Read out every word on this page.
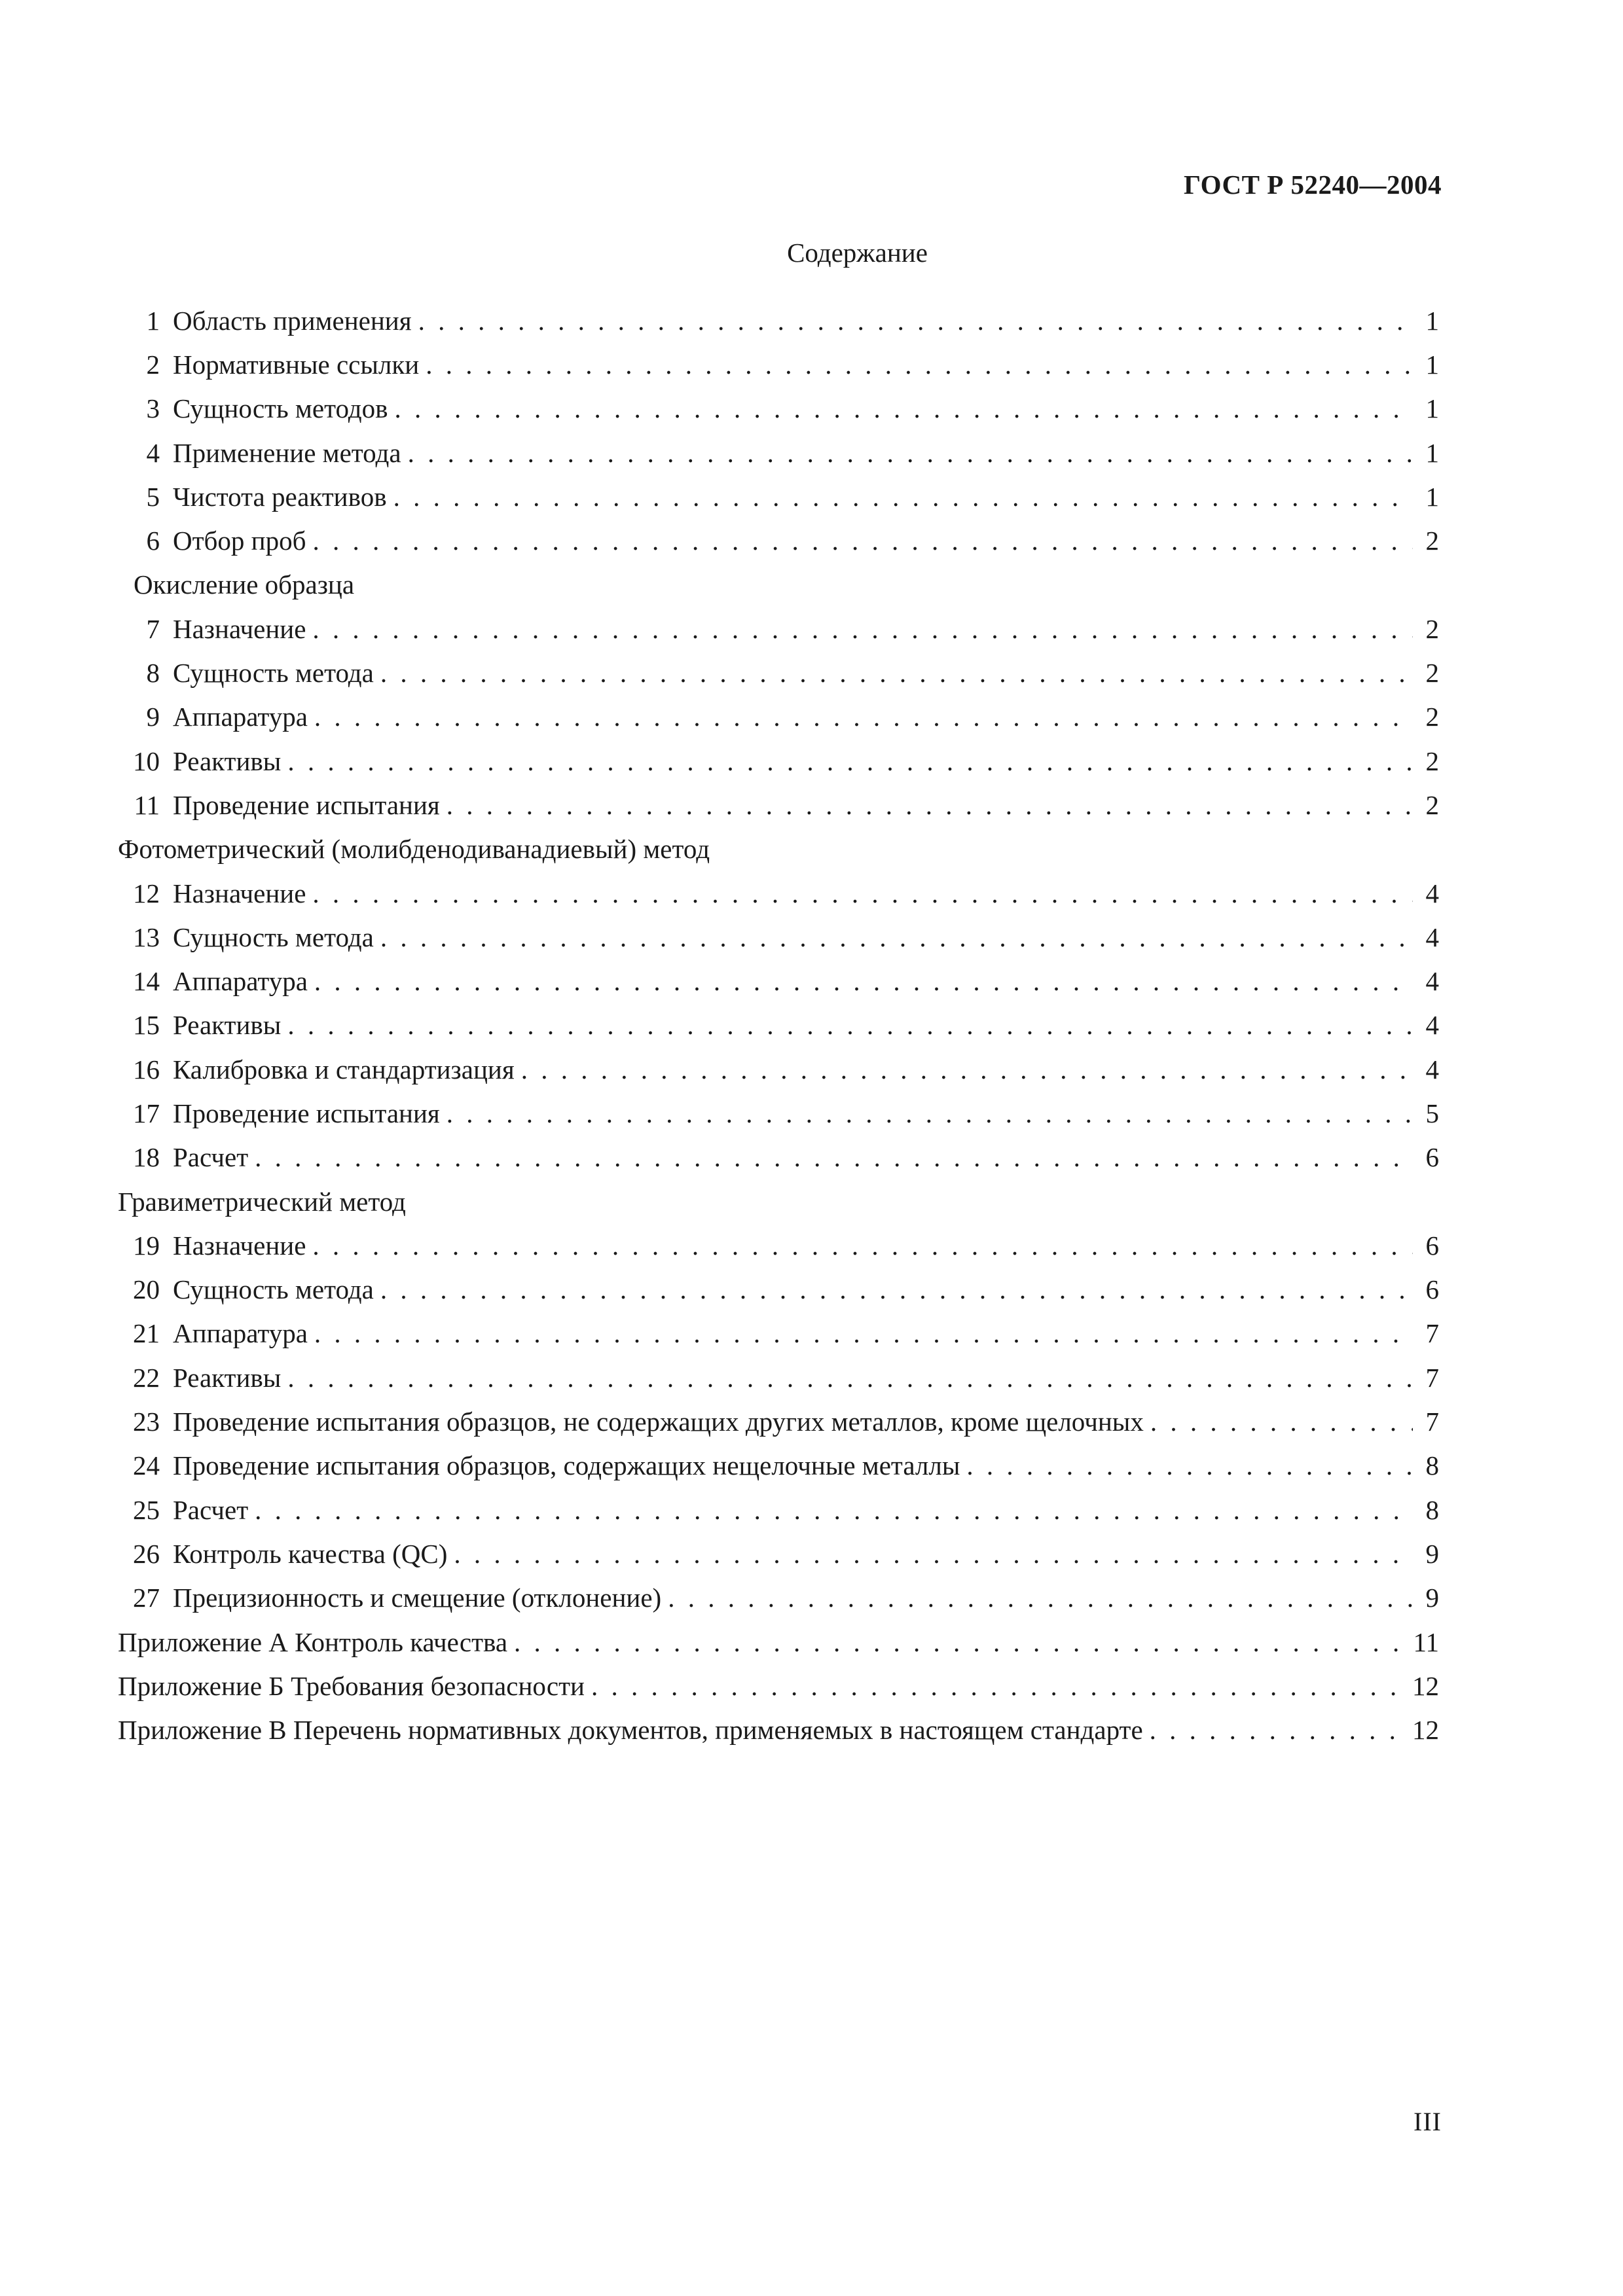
ГОСТ Р 52240—2004
Содержание
1 Область применения . . .	1
2 Нормативные ссылки . . .	1
3 Сущность методов . . .	1
4 Применение метода . . .	1
5 Чистота реактивов . . .	1
6 Отбор проб . . .	2
Окисление образца
7 Назначение . . .	2
8 Сущность метода . . .	2
9 Аппаратура . . .	2
10 Реактивы . . .	2
11 Проведение испытания . . .	2
Фотометрический (молибденодиванадиевый) метод
12 Назначение . . .	4
13 Сущность метода . . .	4
14 Аппаратура . . .	4
15 Реактивы . . .	4
16 Калибровка и стандартизация . . .	4
17 Проведение испытания . . .	5
18 Расчет . . .	6
Гравиметрический метод
19 Назначение . . .	6
20 Сущность метода . . .	6
21 Аппаратура . . .	7
22 Реактивы . . .	7
23 Проведение испытания образцов, не содержащих других металлов, кроме щелочных . . .	7
24 Проведение испытания образцов, содержащих нещелочные металлы . . .	8
25 Расчет . . .	8
26 Контроль качества (QC) . . .	9
27 Прецизионность и смещение (отклонение) . . .	9
Приложение А Контроль качества . . .	11
Приложение Б Требования безопасности . . .	12
Приложение В Перечень нормативных документов, применяемых в настоящем стандарте . . .	12
III
